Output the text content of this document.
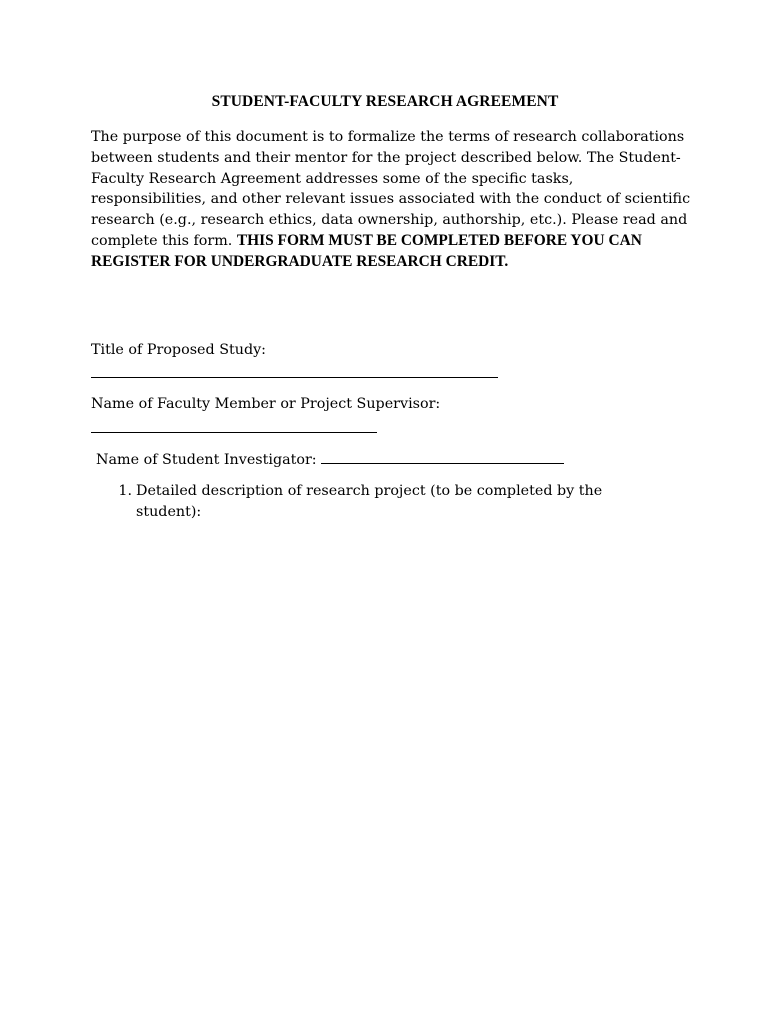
STUDENT-FACULTY RESEARCH AGREEMENT
The purpose of this document is to formalize the terms of research collaborations between students and their mentor for the project described below. The Student-Faculty Research Agreement addresses some of the specific tasks, responsibilities, and other relevant issues associated with the conduct of scientific research (e.g., research ethics, data ownership, authorship, etc.). Please read and complete this form. THIS FORM MUST BE COMPLETED BEFORE YOU CAN REGISTER FOR UNDERGRADUATE RESEARCH CREDIT.
Title of Proposed Study:
Name of Faculty Member or Project Supervisor:
Name of Student Investigator:
1. Detailed description of research project (to be completed by the student):
